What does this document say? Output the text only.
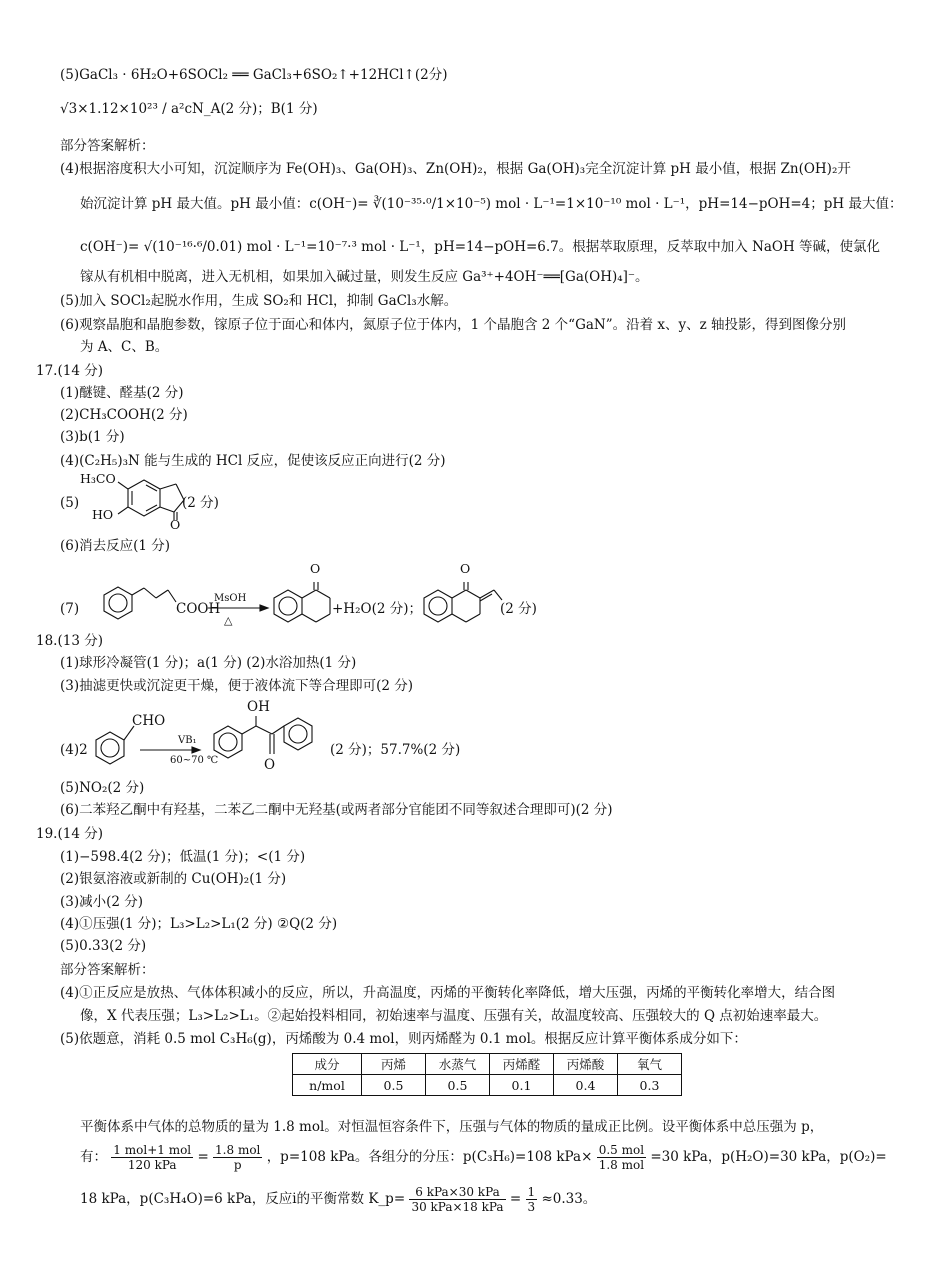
(5)GaCl₃ · 6H₂O+6SOCl₂ ══ GaCl₃+6SO₂↑+12HCl↑(2分)
√3×1.12×10²³ / a²cN_A(2 分)；B(1 分)
部分答案解析：
(4)根据溶度积大小可知，沉淀顺序为 Fe(OH)₃、Ga(OH)₃、Zn(OH)₂，根据 Ga(OH)₃完全沉淀计算 pH 最小值，根据 Zn(OH)₂开
始沉淀计算 pH 最大值。pH 最小值：c(OH⁻)= ∛(10⁻³⁵·⁰/1×10⁻⁵) mol · L⁻¹=1×10⁻¹⁰ mol · L⁻¹，pH=14−pOH=4；pH 最大值：
c(OH⁻)= √(10⁻¹⁶·⁶/0.01) mol · L⁻¹=10⁻⁷·³ mol · L⁻¹，pH=14−pOH=6.7。根据萃取原理，反萃取中加入 NaOH 等碱，使氯化
镓从有机相中脱离，进入无机相，如果加入碱过量，则发生反应 Ga³⁺+4OH⁻══[Ga(OH)₄]⁻。
(5)加入 SOCl₂起脱水作用，生成 SO₂和 HCl，抑制 GaCl₃水解。
(6)观察晶胞和晶胞参数，镓原子位于面心和体内，氮原子位于体内，1 个晶胞含 2 个“GaN”。沿着 x、y、z 轴投影，得到图像分别
为 A、C、B。
17.(14 分)
(1)醚键、醛基(2 分)
(2)CH₃COOH(2 分)
(3)b(1 分)
(4)(C₂H₅)₃N 能与生成的 HCl 反应，促使该反应正向进行(2 分)
(5)
H₃CO
HO
O
(2 分)
(6)消去反应(1 分)
(7)	COOH
MsOH
△
O
+H₂O(2 分)；
O
(2 分)
18.(13 分)
(1)球形冷凝管(1 分)；a(1 分) (2)水浴加热(1 分)
(3)抽滤更快或沉淀更干燥，便于液体流下等合理即可(2 分)
(4)2
CHO
VB₁
60~70 ℃
OH
O
(2 分)；57.7%(2 分)
(5)NO₂(2 分)
(6)二苯羟乙酮中有羟基，二苯乙二酮中无羟基(或两者部分官能团不同等叙述合理即可)(2 分)
19.(14 分)
(1)−598.4(2 分)；低温(1 分)；<(1 分)
(2)银氨溶液或新制的 Cu(OH)₂(1 分)
(3)减小(2 分)
(4)①压强(1 分)；L₃>L₂>L₁(2 分) ②Q(2 分)
(5)0.33(2 分)
部分答案解析：
(4)①正反应是放热、气体体积减小的反应，所以，升高温度，丙烯的平衡转化率降低，增大压强，丙烯的平衡转化率增大，结合图
像，X 代表压强；L₃>L₂>L₁。②起始投料相同，初始速率与温度、压强有关，故温度较高、压强较大的 Q 点初始速率最大。
(5)依题意，消耗 0.5 mol C₃H₆(g)，丙烯酸为 0.4 mol，则丙烯醛为 0.1 mol。根据反应计算平衡体系成分如下：
成分	丙烯	水蒸气	丙烯醛	丙烯酸	氧气
n/mol	0.5	0.5	0.1	0.4	0.3
平衡体系中气体的总物质的量为 1.8 mol。对恒温恒容条件下，压强与气体的物质的量成正比例。设平衡体系中总压强为 p，
有： $\frac{\text{1 mol+1 mol}}{\text{120 kPa}} = \frac{\text{1.8 mol}}{p}$ ，p=108 kPa。各组分的分压：p(C₃H₆)=108 $kPa\times \frac{\text{0.5 mol}}{\text{1.8 mol}} =30$ kPa，p(H₂O)=30 kPa，p(O₂)=
18 kPa，p(C₃H₄O)=6 kPa，反应ⅰ的平衡常数 K_p= $\frac{\text{6 kPa×30 kPa}}{\text{30 kPa×18 kPa}} = \frac{1}{3} \approx 0.33$。
